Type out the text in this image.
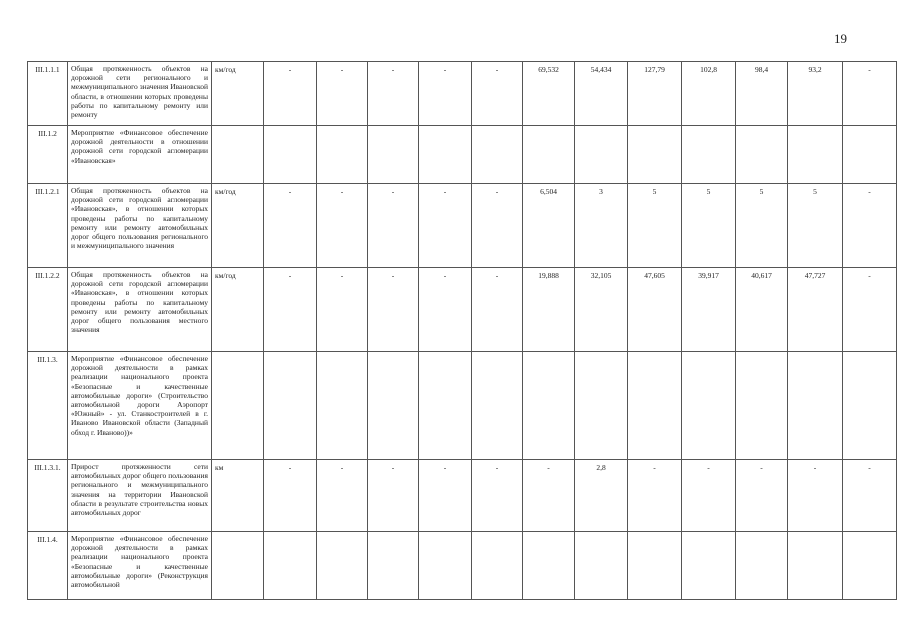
19
III.1.1.1	Общая протяженность объектов на дорожной сети регионального и межмуниципального значения Ивановской области, в отношении которых проведены работы по капитальному ремонту или ремонту	км/год	-	-	-	-	-	69,532	54,434	127,79	102,8	98,4	93,2	-
III.1.2	Мероприятие «Финансовое обеспечение дорожной деятельности в отношении дорожной сети городской агломерации «Ивановская»													
III.1.2.1	Общая протяженность объектов на дорожной сети городской агломерации «Ивановская», в отношении которых проведены работы по капитальному ремонту или ремонту автомобильных дорог общего пользования регионального и межмуниципального значения	км/год	-	-	-	-	-	6,504	3	5	5	5	5	-
III.1.2.2	Общая протяженность объектов на дорожной сети городской агломерации «Ивановская», в отношении которых проведены работы по капитальному ремонту или ремонту автомобильных дорог общего пользования местного значения	км/год	-	-	-	-	-	19,888	32,105	47,605	39,917	40,617	47,727	-
III.1.3.	Мероприятие «Финансовое обеспечение дорожной деятельности в рамках реализации национального проекта «Безопасные и качественные автомобильные дороги» (Строительство автомобильной дороги Аэропорт «Южный» - ул. Станкостроителей в г. Иваново Ивановской области (Западный обход г. Иваново))»													
III.1.3.1.	Прирост протяженности сети автомобильных дорог общего пользования регионального и межмуниципального значения на территории Ивановской области в результате строительства новых автомобильных дорог	км	-	-	-	-	-	-	2,8	-	-	-	-	-
III.1.4.	Мероприятие «Финансовое обеспечение дорожной деятельности в рамках реализации национального проекта «Безопасные и качественные автомобильные дороги» (Реконструкция автомобильной													
